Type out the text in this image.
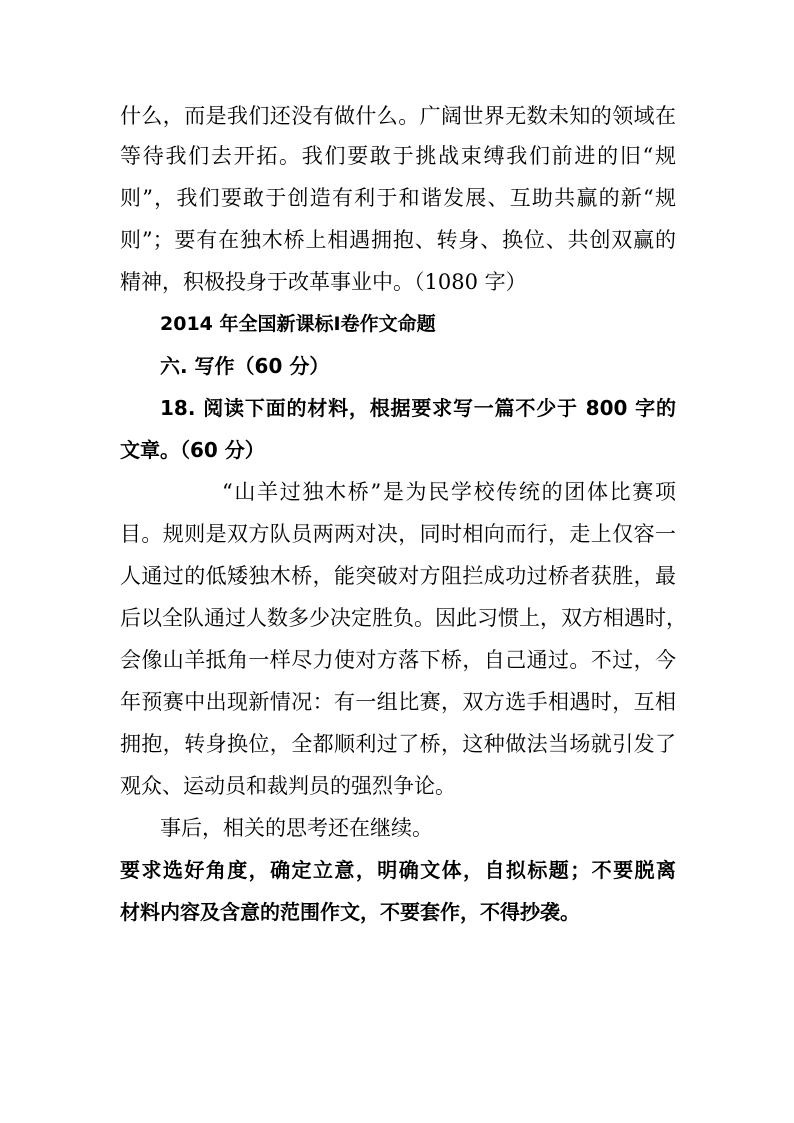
什么，而是我们还没有做什么。广阔世界无数未知的领域在
等待我们去开拓。我们要敢于挑战束缚我们前进的旧“规
则”，我们要敢于创造有利于和谐发展、互助共赢的新“规
则”；要有在独木桥上相遇拥抱、转身、换位、共创双赢的
精神，积极投身于改革事业中。（1080 字）
2014 年全国新课标Ⅰ卷作文命题
六. 写作（60 分）
18. 阅读下面的材料，根据要求写一篇不少于 800 字的
文章。（60 分）
“山羊过独木桥”是为民学校传统的团体比赛项
目。规则是双方队员两两对决，同时相向而行，走上仅容一
人通过的低矮独木桥，能突破对方阻拦成功过桥者获胜，最
后以全队通过人数多少决定胜负。因此习惯上，双方相遇时，
会像山羊抵角一样尽力使对方落下桥，自己通过。不过，今
年预赛中出现新情况：有一组比赛，双方选手相遇时，互相
拥抱，转身换位，全都顺利过了桥，这种做法当场就引发了
观众、运动员和裁判员的强烈争论。
事后，相关的思考还在继续。
要求选好角度，确定立意，明确文体，自拟标题；不要脱离
材料内容及含意的范围作文，不要套作，不得抄袭。
